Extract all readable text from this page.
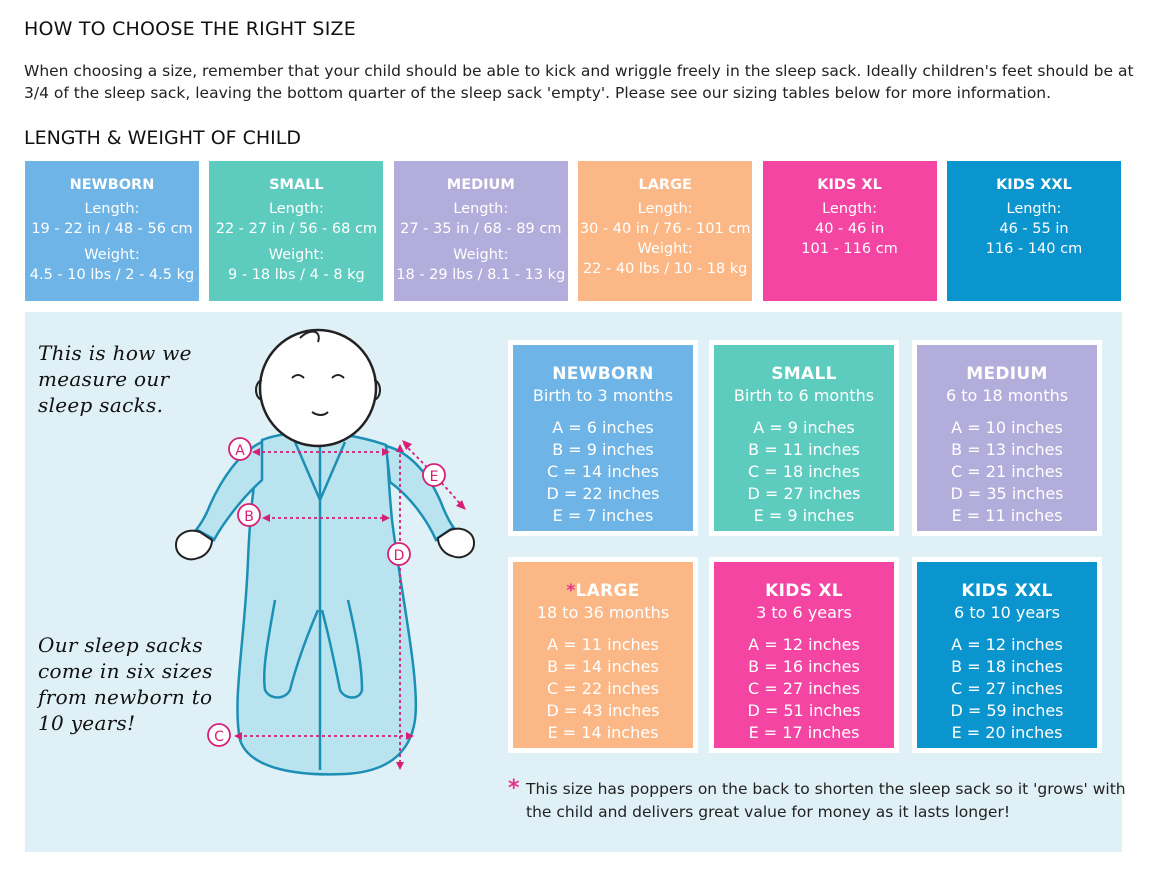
HOW TO CHOOSE THE RIGHT SIZE

When choosing a size, remember that your child should be able to kick and wriggle freely in the sleep sack. Ideally children's feet should be at 3/4 of the sleep sack, leaving the bottom quarter of the sleep sack 'empty'. Please see our sizing tables below for more information.

LENGTH & WEIGHT OF CHILD
NEWBORN
Length:
19 - 22 in / 48 - 56 cm
Weight:
4.5 - 10 lbs / 2 - 4.5 kg
SMALL
Length:
22 - 27 in / 56 - 68 cm
Weight:
9 - 18 lbs / 4 - 8 kg
MEDIUM
Length:
27 - 35 in / 68 - 89 cm
Weight:
18 - 29 lbs / 8.1 - 13 kg
LARGE
Length:
30 - 40 in / 76 - 101 cm
Weight:
22 - 40 lbs / 10 - 18 kg
KIDS XL
Length:
40 - 46 in
101 - 116 cm
KIDS XXL
Length:
46 - 55 in
116 - 140 cm
This is how we measure our sleep sacks.
Our sleep sacks come in six sizes from newborn to 10 years!
A
B
C
D
E
NEWBORN
Birth to 3 months
A = 6 inches
B = 9 inches
C = 14 inches
D = 22 inches
E = 7 inches
SMALL
Birth to 6 months
A = 9 inches
B = 11 inches
C = 18 inches
D = 27 inches
E = 9 inches
MEDIUM
6 to 18 months
A = 10 inches
B = 13 inches
C = 21 inches
D = 35 inches
E = 11 inches
*LARGE
18 to 36 months
A = 11 inches
B = 14 inches
C = 22 inches
D = 43 inches
E = 14 inches
KIDS XL
3 to 6 years
A = 12 inches
B = 16 inches
C = 27 inches
D = 51 inches
E = 17 inches
KIDS XXL
6 to 10 years
A = 12 inches
B = 18 inches
C = 27 inches
D = 59 inches
E = 20 inches
* This size has poppers on the back to shorten the sleep sack so it 'grows' with the child and delivers great value for money as it lasts longer!
